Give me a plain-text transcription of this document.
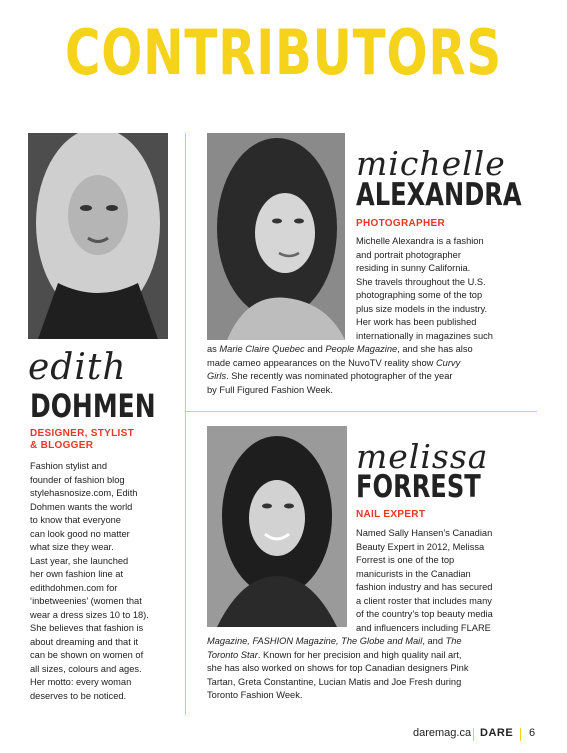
CONTRIBUTORS
edith
DOHMEN
DESIGNER, STYLIST
& BLOGGER
Fashion stylist and
founder of fashion blog
stylehasnosize.com, Edith
Dohmen wants the world
to know that everyone
can look good no matter
what size they wear.
Last year, she launched
her own fashion line at
edithdohmen.com for
‘inbetweenies’ (women that
wear a dress sizes 10 to 18).
She believes that fashion is
about dreaming and that it
can be shown on women of
all sizes, colours and ages.
Her motto: every woman
deserves to be noticed.
michelle
ALEXANDRA
PHOTOGRAPHER
Michelle Alexandra is a fashion
and portrait photographer
residing in sunny California.
She travels throughout the U.S.
photographing some of the top
plus size models in the industry.
Her work has been published
internationally in magazines such
as Marie Claire Quebec and People Magazine, and she has also
made cameo appearances on the NuvoTV reality show Curvy
Girls. She recently was nominated photographer of the year
by Full Figured Fashion Week.
melissa
FORREST
NAIL EXPERT
Named Sally Hansen’s Canadian
Beauty Expert in 2012, Melissa
Forrest is one of the top
manicurists in the Canadian
fashion industry and has secured
a client roster that includes many
of the country’s top beauty media
and influencers including FLARE
Magazine, FASHION Magazine, The Globe and Mail, and The
Toronto Star. Known for her precision and high quality nail art,
she has also worked on shows for top Canadian designers Pink
Tartan, Greta Constantine, Lucian Matis and Joe Fresh during
Toronto Fashion Week.
daremag.ca DARE 6
